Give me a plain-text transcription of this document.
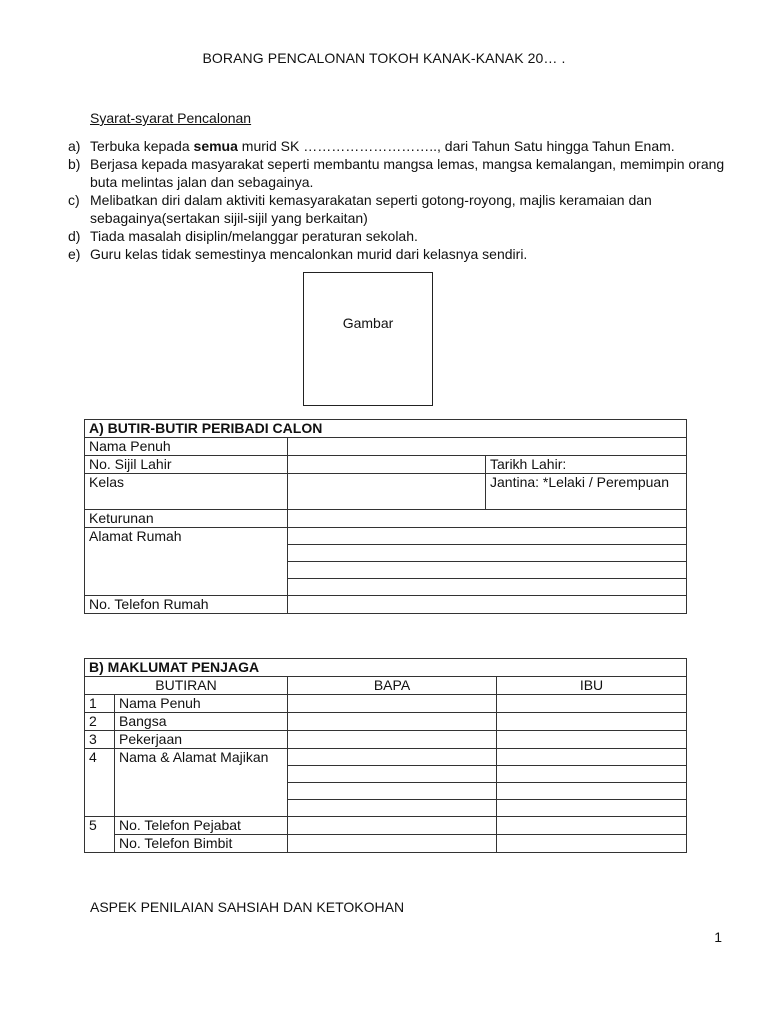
BORANG PENCALONAN TOKOH KANAK-KANAK 20… .
Syarat-syarat Pencalonan
a) Terbuka kepada semua murid SK ……………………….., dari Tahun Satu hingga Tahun Enam.
b) Berjasa kepada masyarakat seperti membantu mangsa lemas, mangsa kemalangan, memimpin orang buta melintas jalan dan sebagainya.
c) Melibatkan diri dalam aktiviti kemasyarakatan seperti gotong-royong, majlis keramaian dan sebagainya(sertakan sijil-sijil yang berkaitan)
d) Tiada masalah disiplin/melanggar peraturan sekolah.
e) Guru kelas tidak semestinya mencalonkan murid dari kelasnya sendiri.
Gambar
A) BUTIR-BUTIR PERIBADI CALON		
Nama Penuh		
No. Sijil Lahir		Tarikh Lahir:
Kelas		Jantina: *Lelaki / Perempuan
Keturunan		
Alamat Rumah		

No. Telefon Rumah		
B) MAKLUMAT PENJAGA			
BUTIRAN		BAPA	IBU
1	Nama Penuh		
2	Bangsa		
3	Pekerjaan		
4	Nama & Alamat Majikan		

5	No. Telefon Pejabat		
	No. Telefon Bimbit		
ASPEK PENILAIAN SAHSIAH DAN KETOKOHAN
1
